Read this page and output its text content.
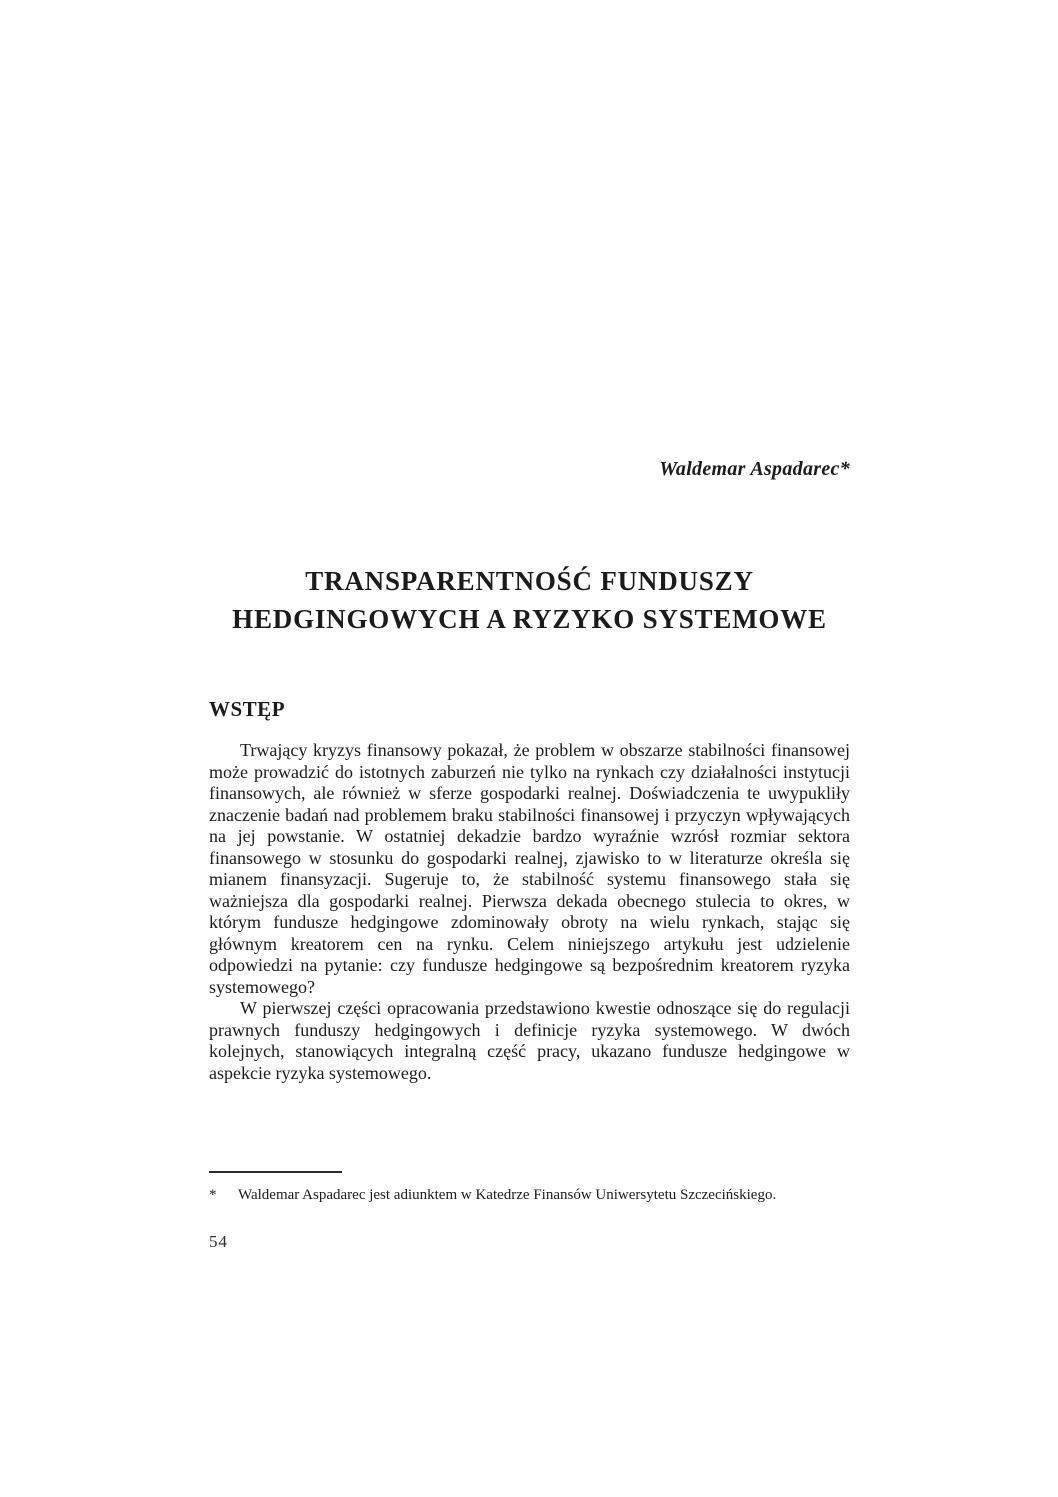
Waldemar Aspadarec*
TRANSPARENTNOŚĆ FUNDUSZY
HEDGINGOWYCH A RYZYKO SYSTEMOWE
WSTĘP

Trwający kryzys finansowy pokazał, że problem w obszarze stabilności finansowej może prowadzić do istotnych zaburzeń nie tylko na rynkach czy działalności instytucji finansowych, ale również w sferze gospodarki realnej. Doświadczenia te uwypukliły znaczenie badań nad problemem braku stabilności finansowej i przyczyn wpływających na jej powstanie. W ostatniej dekadzie bardzo wyraźnie wzrósł rozmiar sektora finansowego w stosunku do gospodarki realnej, zjawisko to w literaturze określa się mianem finansyzacji. Sugeruje to, że stabilność systemu finansowego stała się ważniejsza dla gospodarki realnej. Pierwsza dekada obecnego stulecia to okres, w którym fundusze hedgingowe zdominowały obroty na wielu rynkach, stając się głównym kreatorem cen na rynku. Celem niniejszego artykułu jest udzielenie odpowiedzi na pytanie: czy fundusze hedgingowe są bezpośrednim kreatorem ryzyka systemowego?

W pierwszej części opracowania przedstawiono kwestie odnoszące się do regulacji prawnych funduszy hedgingowych i definicje ryzyka systemowego. W dwóch kolejnych, stanowiących integralną część pracy, ukazano fundusze hedgingowe w aspekcie ryzyka systemowego.

*	Waldemar Aspadarec jest adiunktem w Katedrze Finansów Uniwersytetu Szczecińskiego.
54
